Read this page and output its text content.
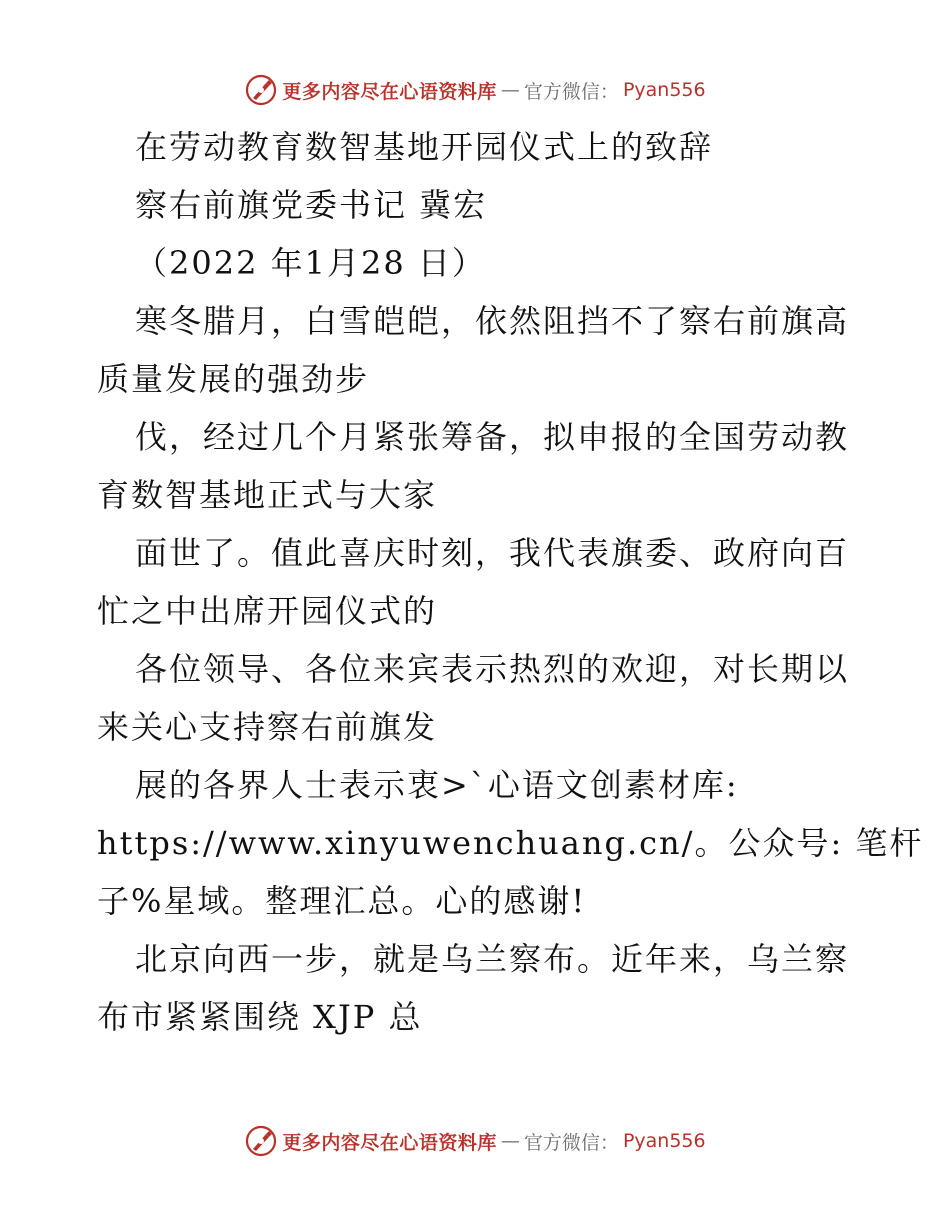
更多内容尽在心语资料库 — 官方微信： Pyan556
在劳动教育数智基地开园仪式上的致辞
察右前旗党委书记 冀宏
（2022 年1月28 日）
寒冬腊月，白雪皑皑，依然阻挡不了察右前旗高
质量发展的强劲步
伐，经过几个月紧张筹备，拟申报的全国劳动教
育数智基地正式与大家
面世了。值此喜庆时刻，我代表旗委、政府向百
忙之中出席开园仪式的
各位领导、各位来宾表示热烈的欢迎，对长期以
来关心支持察右前旗发
展的各界人士表示衷>`心语文创素材库:
https://www.xinyuwenchuang.cn/。公众号: 笔杆
子%星域。整理汇总。心的感谢!
北京向西一步，就是乌兰察布。近年来，乌兰察
布市紧紧围绕 XJP 总
更多内容尽在心语资料库 — 官方微信： Pyan556
